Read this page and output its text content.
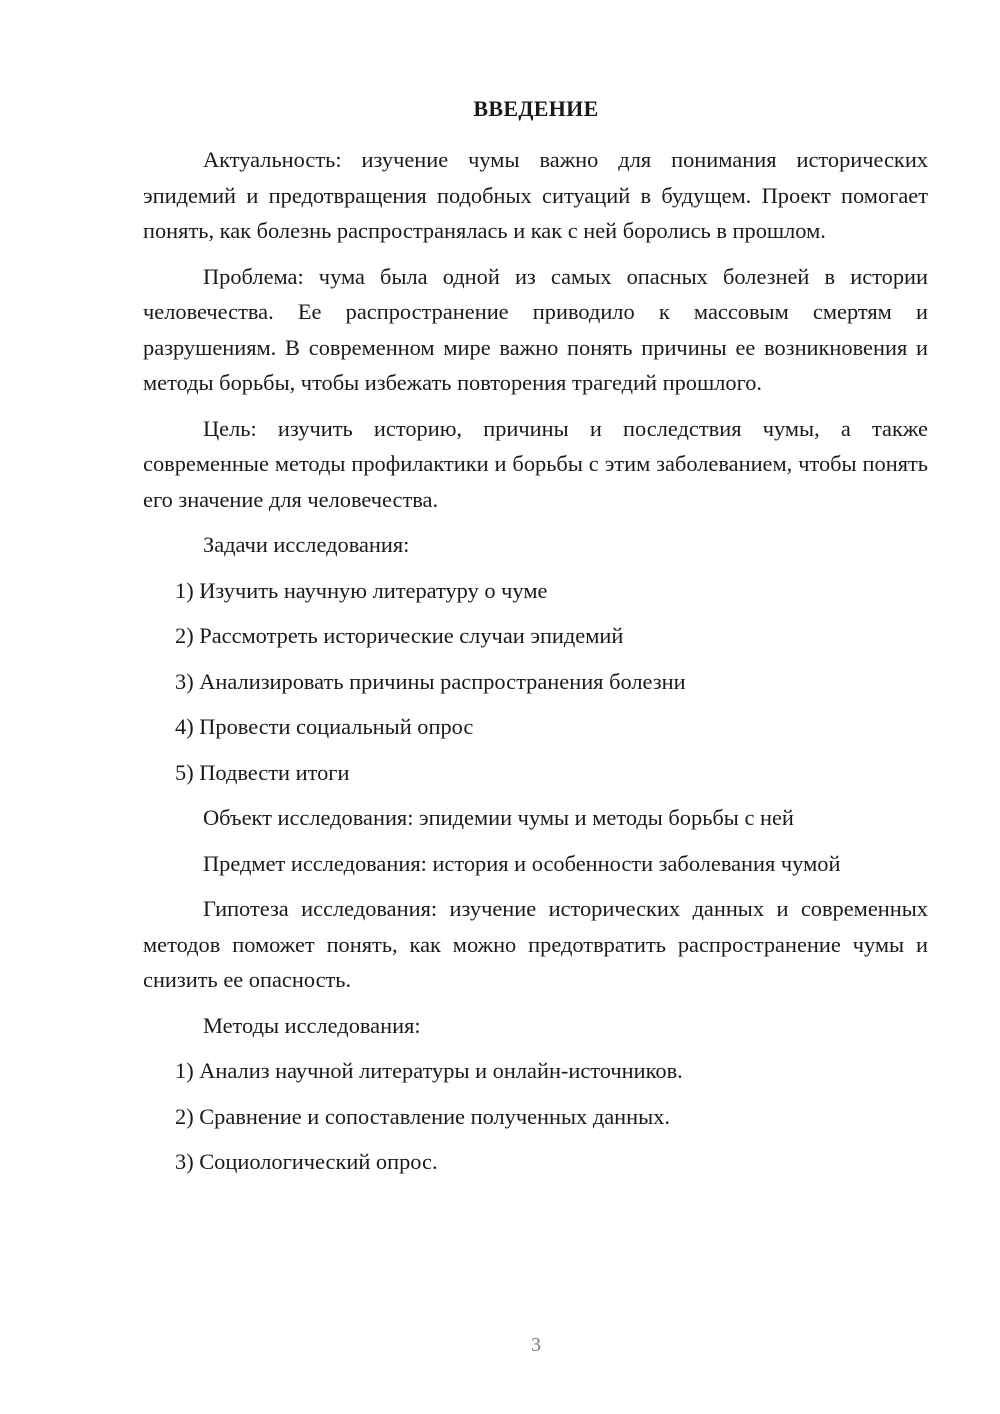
ВВЕДЕНИЕ

Актуальность: изучение чумы важно для понимания исторических эпидемий и предотвращения подобных ситуаций в будущем. Проект помогает понять, как болезнь распространялась и как с ней боролись в прошлом.

Проблема: чума была одной из самых опасных болезней в истории человечества. Ее распространение приводило к массовым смертям и разрушениям. В современном мире важно понять причины ее возникновения и методы борьбы, чтобы избежать повторения трагедий прошлого.

Цель: изучить историю, причины и последствия чумы, а также современные методы профилактики и борьбы с этим заболеванием, чтобы понять его значение для человечества.

Задачи исследования:

1) Изучить научную литературу о чуме

2) Рассмотреть исторические случаи эпидемий

3) Анализировать причины распространения болезни

4) Провести социальный опрос

5) Подвести итоги

Объект исследования: эпидемии чумы и методы борьбы с ней

Предмет исследования: история и особенности заболевания чумой

Гипотеза исследования: изучение исторических данных и современных методов поможет понять, как можно предотвратить распространение чумы и снизить ее опасность.

Методы исследования:

1) Анализ научной литературы и онлайн-источников.

2) Сравнение и сопоставление полученных данных.

3) Социологический опрос.

3
